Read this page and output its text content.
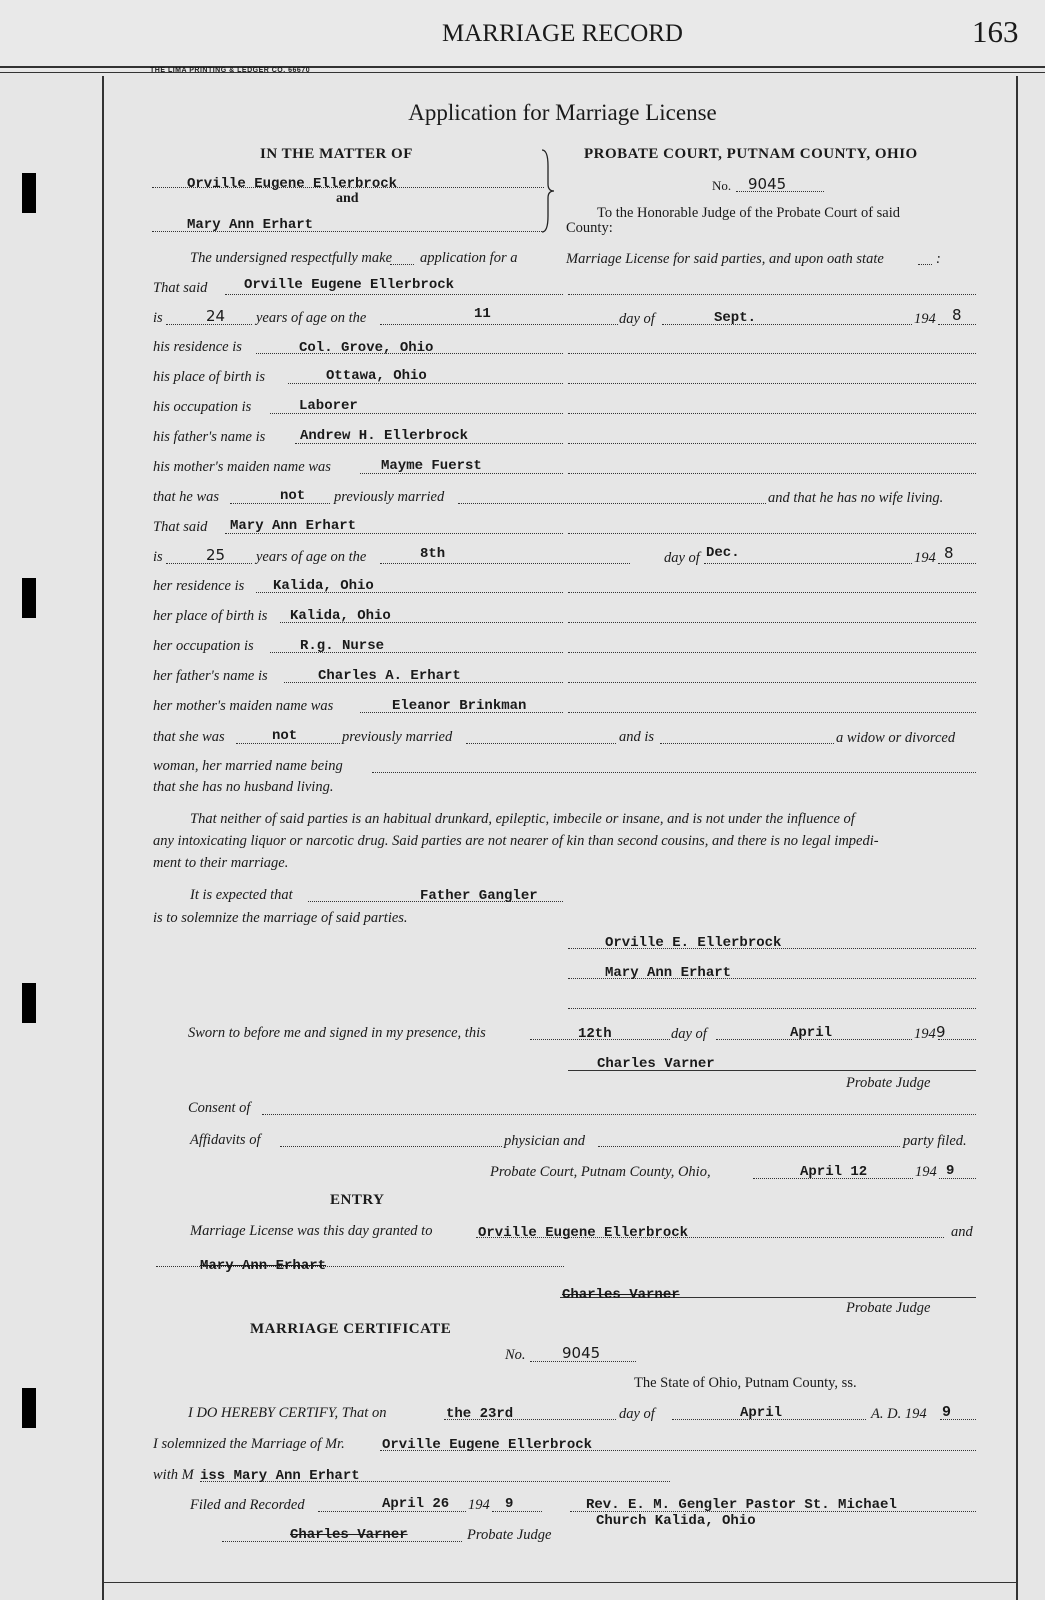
MARRIAGE RECORD	163
THE LIMA PRINTING & LEDGER CO. 66670
Application for Marriage License
IN THE MATTER OF
Orville Eugene Ellerbrock
and
Mary Ann Erhart
PROBATE COURT, PUTNAM COUNTY, OHIO
No. 9045
To the Honorable Judge of the Probate Court of said
County:
The undersigned respectfully make application for a	Marriage License for said parties, and upon oath state	:
That said	Orville Eugene Ellerbrock
is	24 years of age on the	11	day of	Sept.	194 8
his residence is	Col. Grove, Ohio
his place of birth is	Ottawa, Ohio
his occupation is	Laborer
his father's name is Andrew H. Ellerbrock
his mother's maiden name was	Mayme Fuerst
that he was	not previously married	and that he has no wife living.
That said Mary Ann Erhart
is	25 years of age on the	8th	day of Dec.	194 8
her residence is Kalida, Ohio
her place of birth is Kalida, Ohio
her occupation is	R.g. Nurse
her father's name is	Charles A. Erhart
her mother's maiden name was	Eleanor Brinkman
that she was	not	previously married	and is	a widow or divorced
woman, her married name being
that she has no husband living.
That neither of said parties is an habitual drunkard, epileptic, imbecile or insane, and is not under the influence of
any intoxicating liquor or narcotic drug. Said parties are not nearer of kin than second cousins, and there is no legal impedi-
ment to their marriage.
It is expected that	Father Gangler
is to solemnize the marriage of said parties.
Orville E. Ellerbrock
Mary Ann Erhart
Sworn to before me and signed in my presence, this	12th	day of	April	194 9
Charles Varner
Probate Judge
Consent of
Affidavits of	physician and	party filed.
Probate Court, Putnam County, Ohio,	April 12	194 9
ENTRY
Marriage License was this day granted to	Orville Eugene Ellerbrock	and
Mary Ann Erhart
Charles Varner
Probate Judge
MARRIAGE CERTIFICATE
No. 9045
The State of Ohio, Putnam County, ss.
I DO HEREBY CERTIFY, That on	the 23rd	day of	April	A. D. 194 9
I solemnized the Marriage of Mr.	Orville Eugene Ellerbrock
with M iss Mary Ann Erhart
Filed and Recorded	April 26 194 9	Rev. E. M. Gengler Pastor St. Michael
Church Kalida, Ohio
Charles Varner	Probate Judge
